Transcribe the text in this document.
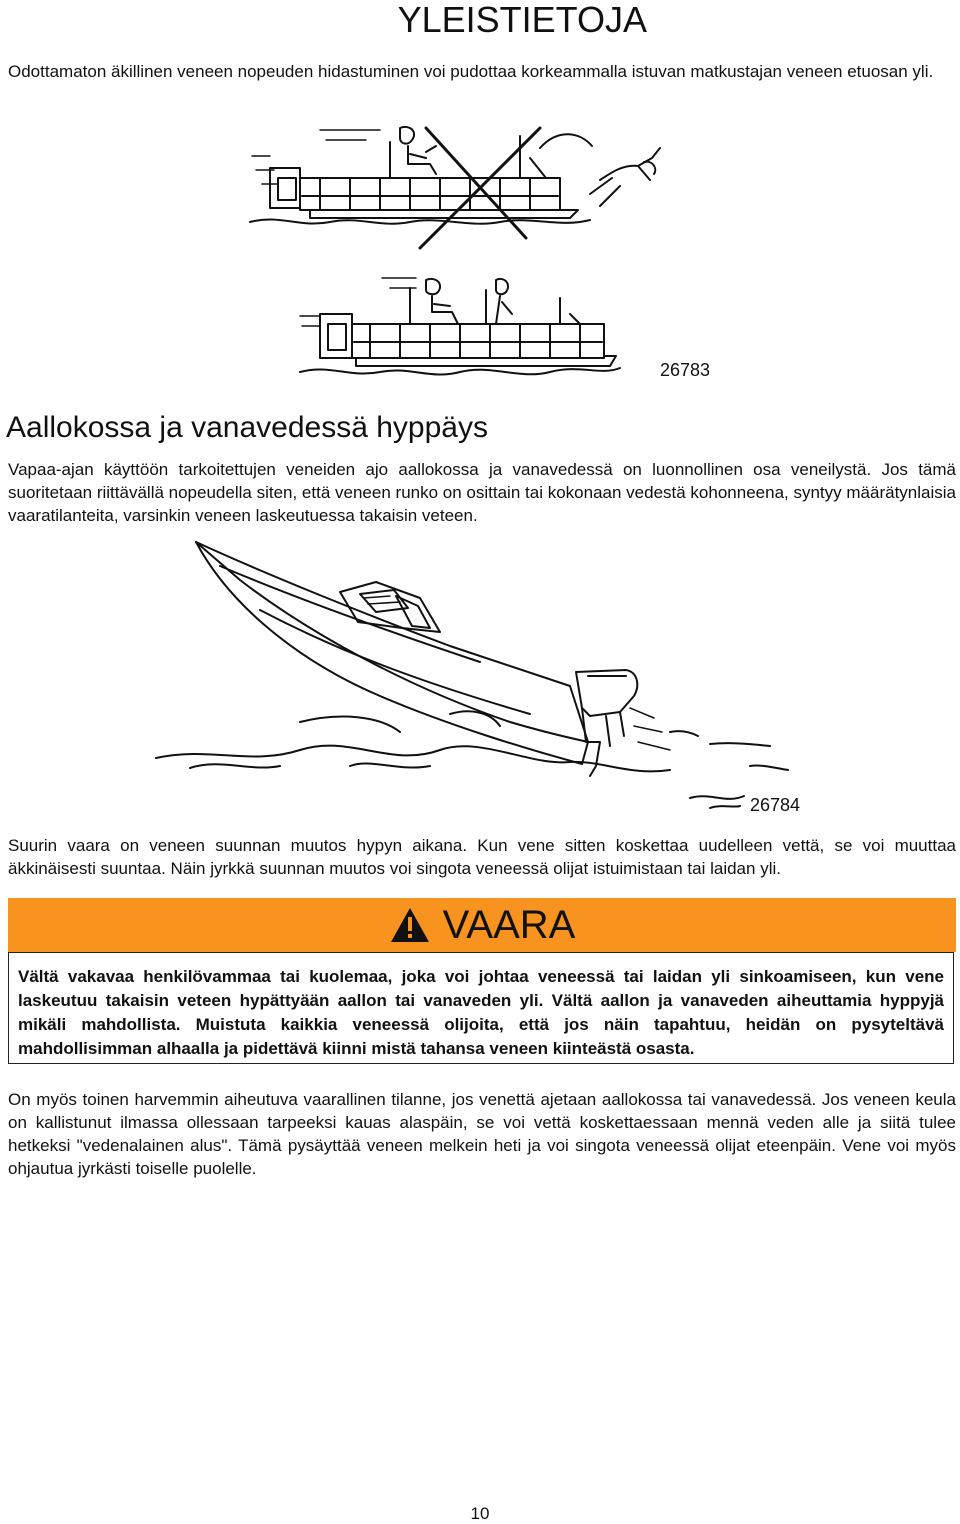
YLEISTIETOJA
Odottamaton äkillinen veneen nopeuden hidastuminen voi pudottaa korkeammalla istuvan matkustajan veneen etuosan yli.
26783
Aallokossa ja vanavedessä hyppäys
Vapaa-ajan käyttöön tarkoitettujen veneiden ajo aallokossa ja vanavedessä on luonnollinen osa veneilystä. Jos tämä suoritetaan riittävällä nopeudella siten, että veneen runko on osittain tai kokonaan vedestä kohonneena, syntyy määrätynlaisia vaaratilanteita, varsinkin veneen laskeutuessa takaisin veteen.
26784
Suurin vaara on veneen suunnan muutos hypyn aikana. Kun vene sitten koskettaa uudelleen vettä, se voi muuttaa äkkinäisesti suuntaa. Näin jyrkkä suunnan muutos voi singota veneessä olijat istuimistaan tai laidan yli.
VAARA
Vältä vakavaa henkilövammaa tai kuolemaa, joka voi johtaa veneessä tai laidan yli sinkoamiseen, kun vene laskeutuu takaisin veteen hypättyään aallon tai vanaveden yli. Vältä aallon ja vanaveden aiheuttamia hyppyjä mikäli mahdollista. Muistuta kaikkia veneessä olijoita, että jos näin tapahtuu, heidän on pysyteltävä mahdollisimman alhaalla ja pidettävä kiinni mistä tahansa veneen kiinteästä osasta.
On myös toinen harvemmin aiheutuva vaarallinen tilanne, jos venettä ajetaan aallokossa tai vanavedessä. Jos veneen keula on kallistunut ilmassa ollessaan tarpeeksi kauas alaspäin, se voi vettä koskettaessaan mennä veden alle ja siitä tulee hetkeksi "vedenalainen alus". Tämä pysäyttää veneen melkein heti ja voi singota veneessä olijat eteenpäin. Vene voi myös ohjautua jyrkästi toiselle puolelle.
10
